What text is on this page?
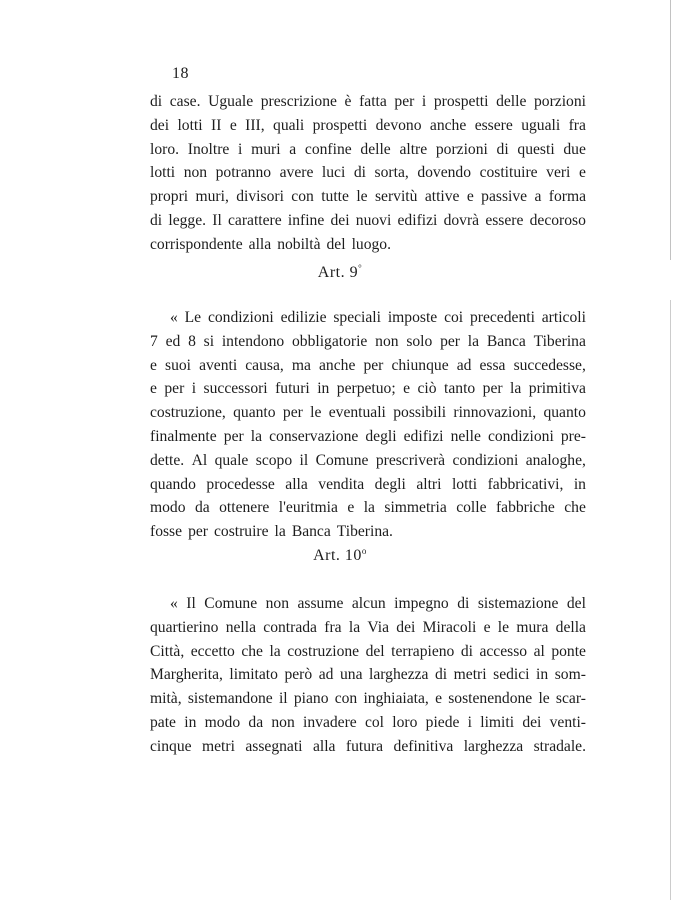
18
di case. Uguale prescrizione è fatta per i prospetti delle porzioni
dei lotti II e III, quali prospetti devono anche essere uguali fra
loro. Inoltre i muri a confine delle altre porzioni di questi due
lotti non potranno avere luci di sorta, dovendo costituire veri e
propri muri, divisori con tutte le servitù attive e passive a forma
di legge. Il carattere infine dei nuovi edifizi dovrà essere decoroso
corrispondente alla nobiltà del luogo.
Art. 9°
« Le condizioni edilizie speciali imposte coi precedenti articoli
7 ed 8 si intendono obbligatorie non solo per la Banca Tiberina
e suoi aventi causa, ma anche per chiunque ad essa succedesse,
e per i successori futuri in perpetuo; e ciò tanto per la primitiva
costruzione, quanto per le eventuali possibili rinnovazioni, quanto
finalmente per la conservazione degli edifizi nelle condizioni pre-
dette. Al quale scopo il Comune prescriverà condizioni analoghe,
quando procedesse alla vendita degli altri lotti fabbricativi, in
modo da ottenere l'euritmia e la simmetria colle fabbriche che
fosse per costruire la Banca Tiberina.
Art. 10$^o$
« Il Comune non assume alcun impegno di sistemazione del
quartierino nella contrada fra la Via dei Miracoli e le mura della
Città, eccetto che la costruzione del terrapieno di accesso al ponte
Margherita, limitato però ad una larghezza di metri sedici in som-
mità, sistemandone il piano con inghiaiata, e sostenendone le scar-
pate in modo da non invadere col loro piede i limiti dei venti-
cinque metri assegnati alla futura definitiva larghezza stradale.
